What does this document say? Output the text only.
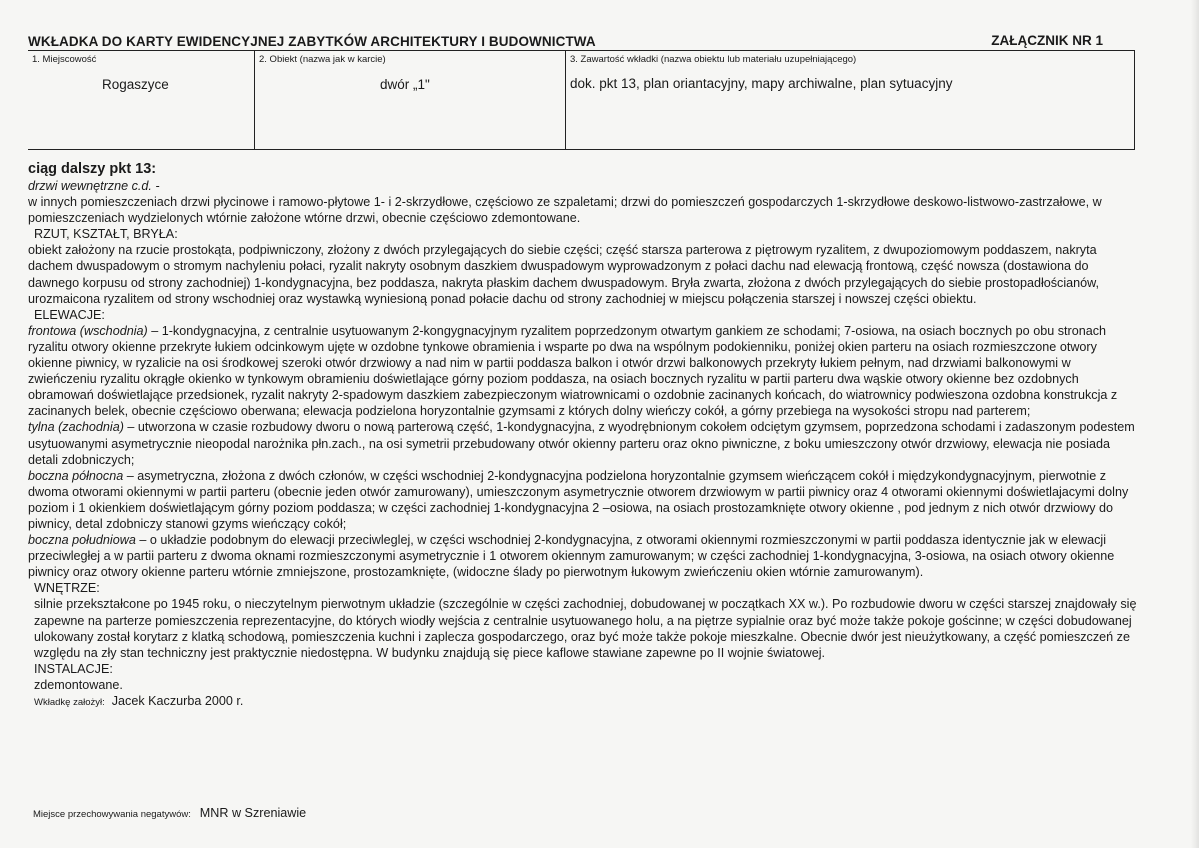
WKŁADKA DO KARTY EWIDENCYJNEJ ZABYTKÓW ARCHITEKTURY I BUDOWNICTWA	ZAŁĄCZNIK NR 1
1. Miejscowość
Rogaszyce
2. Obiekt (nazwa jak w karcie)
dwór „1"
3. Zawartość wkładki (nazwa obiektu lub materiału uzupełniającego)
dok. pkt 13, plan oriantacyjny, mapy archiwalne, plan sytuacyjny

ciąg dalszy pkt 13:

drzwi wewnętrzne c.d. -

w innych pomieszczeniach drzwi płycinowe i ramowo-płytowe 1- i 2-skrzydłowe, częściowo ze szpaletami; drzwi do pomieszczeń gospodarczych 1-skrzydłowe deskowo-listwowo-zastrzałowe, w pomieszczeniach wydzielonych wtórnie założone wtórne drzwi, obecnie częściowo zdemontowane.

RZUT, KSZTAŁT, BRYŁA:

obiekt założony na rzucie prostokąta, podpiwniczony, złożony z dwóch przylegających do siebie części; część starsza parterowa z piętrowym ryzalitem, z dwupoziomowym poddaszem, nakryta dachem dwuspadowym o stromym nachyleniu połaci, ryzalit nakryty osobnym daszkiem dwuspadowym wyprowadzonym z połaci dachu nad elewacją frontową, część nowsza (dostawiona do dawnego korpusu od strony zachodniej) 1-kondygnacyjna, bez poddasza, nakryta płaskim dachem dwuspadowym. Bryła zwarta, złożona z dwóch przylegających do siebie prostopadłościanów, urozmaicona ryzalitem od strony wschodniej oraz wystawką wyniesioną ponad połacie dachu od strony zachodniej w miejscu połączenia starszej i nowszej części obiektu.

ELEWACJE:

frontowa (wschodnia) – 1-kondygnacyjna, z centralnie usytuowanym 2-kongygnacyjnym ryzalitem poprzedzonym otwartym gankiem ze schodami; 7-osiowa, na osiach bocznych po obu stronach ryzalitu otwory okienne przekryte łukiem odcinkowym ujęte w ozdobne tynkowe obramienia i wsparte po dwa na wspólnym podokienniku, poniżej okien parteru na osiach rozmieszczone otwory okienne piwnicy, w ryzalicie na osi środkowej szeroki otwór drzwiowy a nad nim w partii poddasza balkon i otwór drzwi balkonowych przekryty łukiem pełnym, nad drzwiami balkonowymi w zwieńczeniu ryzalitu okrągłe okienko w tynkowym obramieniu doświetlające górny poziom poddasza, na osiach bocznych ryzalitu w partii parteru dwa wąskie otwory okienne bez ozdobnych obramowań doświetlające przedsionek, ryzalit nakryty 2-spadowym daszkiem zabezpieczonym wiatrownicami o ozdobnie zacinanych końcach, do wiatrownicy podwieszona ozdobna konstrukcja z zacinanych belek, obecnie częściowo oberwana; elewacja podzielona horyzontalnie gzymsami z których dolny wieńczy cokół, a górny przebiega na wysokości stropu nad parterem;

tylna (zachodnia) – utworzona w czasie rozbudowy dworu o nową parterową część, 1-kondygnacyjna, z wyodrębnionym cokołem odciętym gzymsem, poprzedzona schodami i zadaszonym podestem usytuowanymi asymetrycznie nieopodal narożnika płn.zach., na osi symetrii przebudowany otwór okienny parteru oraz okno piwniczne, z boku umieszczony otwór drzwiowy, elewacja nie posiada detali zdobniczych;

boczna północna – asymetryczna, złożona z dwóch członów, w części wschodniej 2-kondygnacyjna podzielona horyzontalnie gzymsem wieńczącem cokół i międzykondygnacyjnym, pierwotnie z dwoma otworami okiennymi w partii parteru (obecnie jeden otwór zamurowany), umieszczonym asymetrycznie otworem drzwiowym w partii piwnicy oraz 4 otworami okiennymi doświetlajacymi dolny poziom i 1 okienkiem doświetlającym górny poziom poddasza; w części zachodniej 1-kondygnacyjna 2 –osiowa, na osiach prostozamknięte otwory okienne , pod jednym z nich otwór drzwiowy do piwnicy, detal zdobniczy stanowi gzyms wieńczący cokół;

boczna południowa – o układzie podobnym do elewacji przeciwleglej, w części wschodniej 2-kondygnacyjna, z otworami okiennymi rozmieszczonymi w partii poddasza identycznie jak w elewacji przeciwległej a w partii parteru z dwoma oknami rozmieszczonymi asymetrycznie i 1 otworem okiennym zamurowanym; w części zachodniej 1-kondygnacyjna, 3-osiowa, na osiach otwory okienne piwnicy oraz otwory okienne parteru wtórnie zmniejszone, prostozamknięte, (widoczne ślady po pierwotnym łukowym zwieńczeniu okien wtórnie zamurowanym).

WNĘTRZE:

silnie przekształcone po 1945 roku, o nieczytelnym pierwotnym układzie (szczególnie w części zachodniej, dobudowanej w początkach XX w.). Po rozbudowie dworu w części starszej znajdowały się zapewne na parterze pomieszczenia reprezentacyjne, do których wiodły wejścia z centralnie usytuowanego holu, a na piętrze sypialnie oraz być może także pokoje gościnne; w części dobudowanej ulokowany został korytarz z klatką schodową, pomieszczenia kuchni i zaplecza gospodarczego, oraz być może także pokoje mieszkalne. Obecnie dwór jest nieużytkowany, a część pomieszczeń ze względu na zły stan techniczny jest praktycznie niedostępna. W budynku znajdują się piece kaflowe stawiane zapewne po II wojnie światowej.

INSTALACJE:

zdemontowane.

Wkładkę założył: Jacek Kaczurba 2000 r.

Miejsce przechowywania negatywów: MNR w Szreniawie
